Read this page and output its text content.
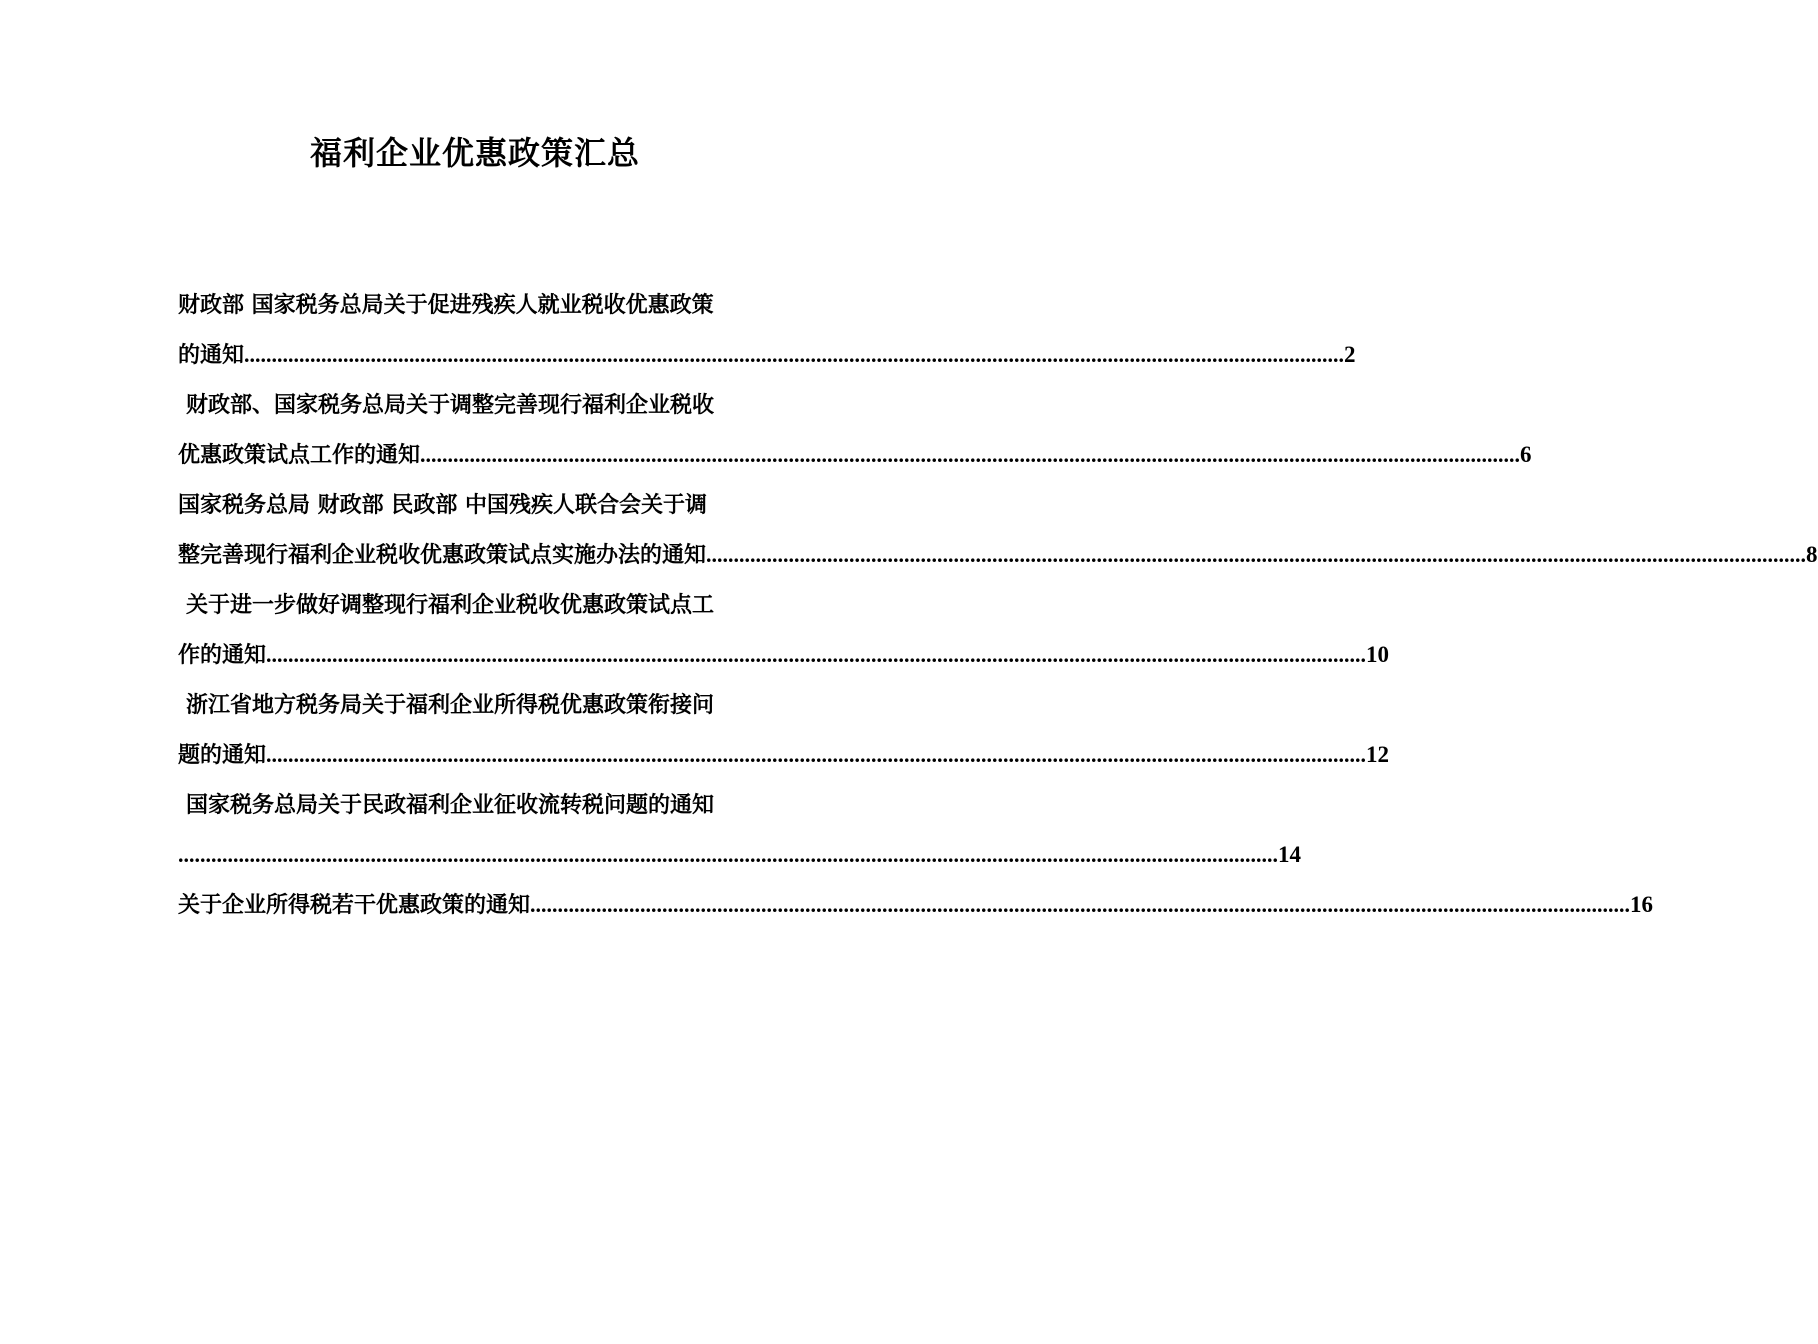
福利企业优惠政策汇总
财政部 国家税务总局关于促进残疾人就业税收优惠政策
的通知 ........................................................................................................................................................................................................ 2
财政部、国家税务总局关于调整完善现行福利企业税收
优惠政策试点工作的通知 ........................................................................................................................................................................................................ 6
国家税务总局 财政部 民政部 中国残疾人联合会关于调
整完善现行福利企业税收优惠政策试点实施办法的通知 ........................................................................................................................................................................................................ 8
关于进一步做好调整现行福利企业税收优惠政策试点工
作的通知 ........................................................................................................................................................................................................ 10
浙江省地方税务局关于福利企业所得税优惠政策衔接问
题的通知 ........................................................................................................................................................................................................ 12
国家税务总局关于民政福利企业征收流转税问题的通知
........................................................................................................................................................................................................ 14
关于企业所得税若干优惠政策的通知 ........................................................................................................................................................................................................ 16
